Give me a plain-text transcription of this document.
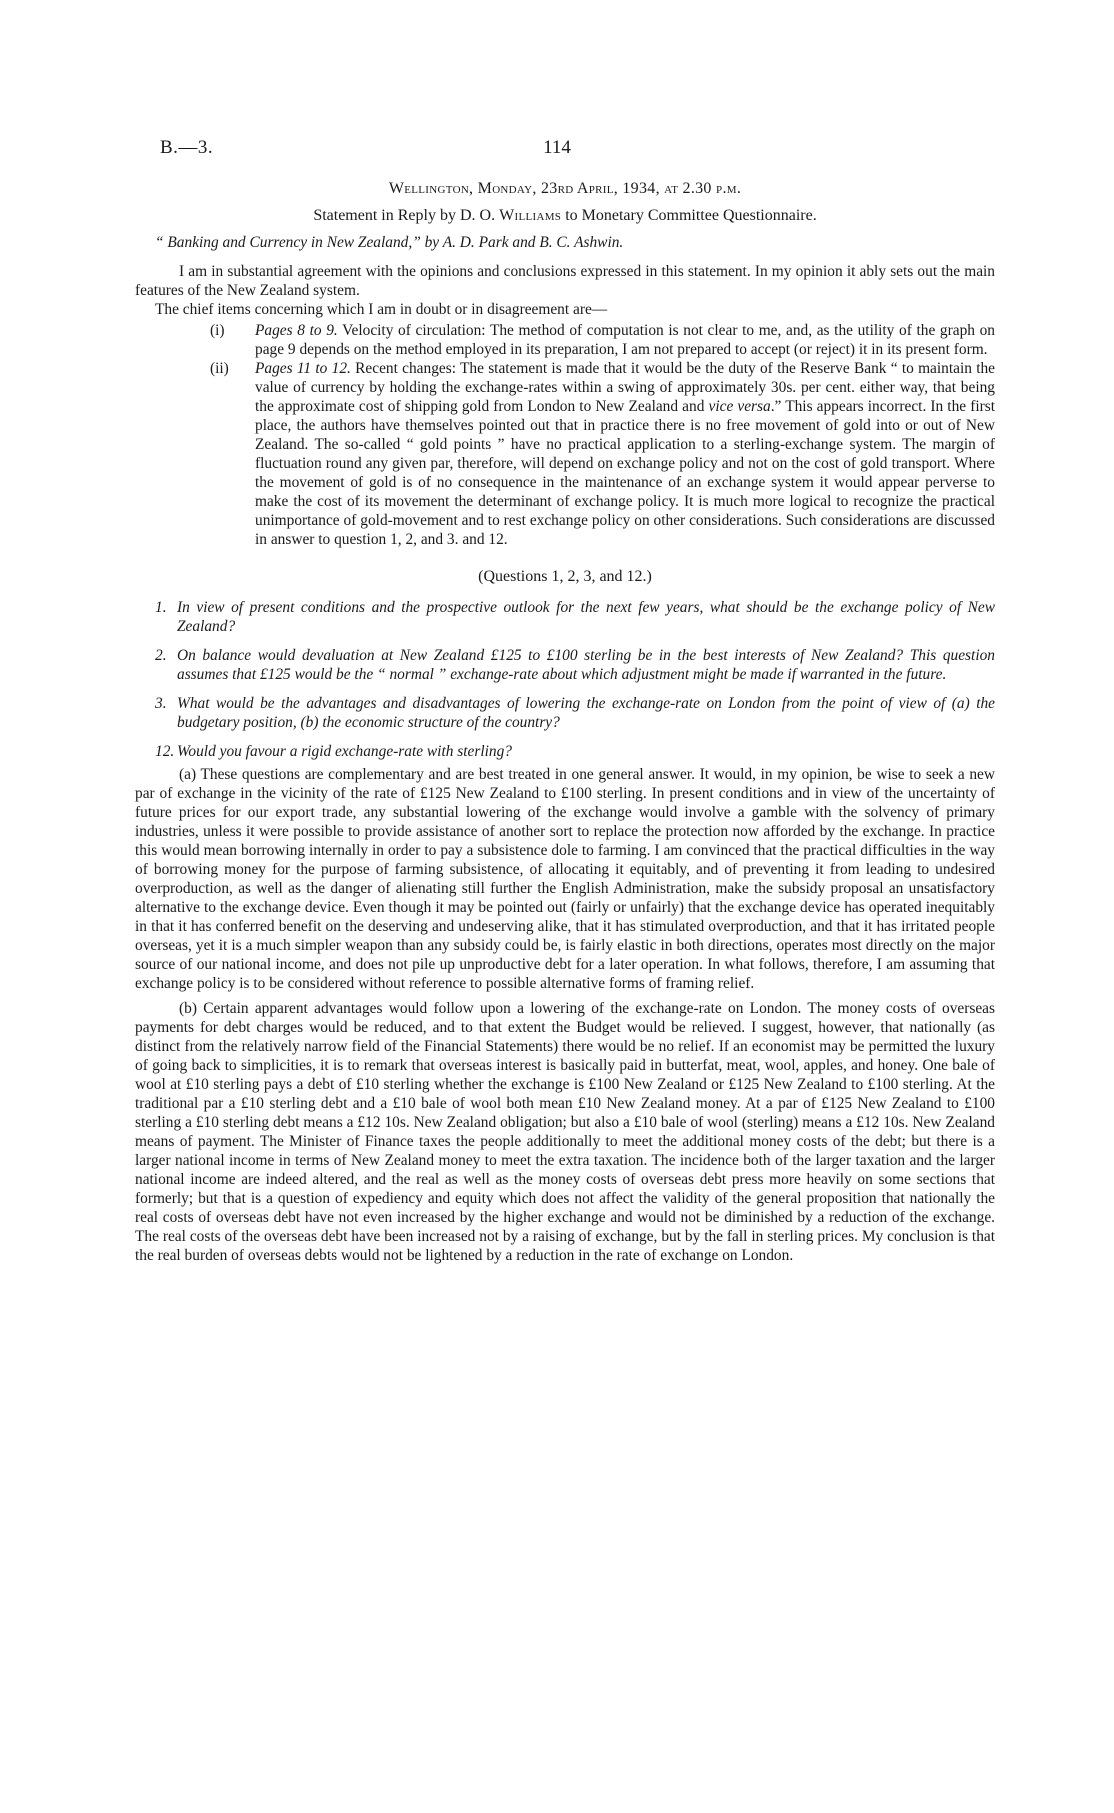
B.—3.	114
Wellington, Monday, 23rd April, 1934, at 2.30 p.m.
Statement in Reply by D. O. Williams to Monetary Committee Questionnaire.
“ Banking and Currency in New Zealand,” by A. D. Park and B. C. Ashwin.

I am in substantial agreement with the opinions and conclusions expressed in this statement. In my opinion it ably sets out the main features of the New Zealand system.

The chief items concerning which I am in doubt or in disagreement are—
(i) Pages 8 to 9. Velocity of circulation: The method of computation is not clear to me, and, as the utility of the graph on page 9 depends on the method employed in its preparation, I am not prepared to accept (or reject) it in its present form.
(ii) Pages 11 to 12. Recent changes: The statement is made that it would be the duty of the Reserve Bank “ to maintain the value of currency by holding the exchange-rates within a swing of approximately 30s. per cent. either way, that being the approximate cost of shipping gold from London to New Zealand and vice versa.” This appears incorrect. In the first place, the authors have themselves pointed out that in practice there is no free movement of gold into or out of New Zealand. The so-called “ gold points ” have no practical application to a sterling-exchange system. The margin of fluctuation round any given par, therefore, will depend on exchange policy and not on the cost of gold transport. Where the movement of gold is of no consequence in the maintenance of an exchange system it would appear perverse to make the cost of its movement the determinant of exchange policy. It is much more logical to recognize the practical unimportance of gold-movement and to rest exchange policy on other considerations. Such considerations are discussed in answer to question 1, 2, and 3. and 12.
(Questions 1, 2, 3, and 12.)
1. In view of present conditions and the prospective outlook for the next few years, what should be the exchange policy of New Zealand?
2. On balance would devaluation at New Zealand £125 to £100 sterling be in the best interests of New Zealand? This question assumes that £125 would be the “ normal ” exchange-rate about which adjustment might be made if warranted in the future.
3. What would be the advantages and disadvantages of lowering the exchange-rate on London from the point of view of (a) the budgetary position, (b) the economic structure of the country?
12. Would you favour a rigid exchange-rate with sterling?

(a) These questions are complementary and are best treated in one general answer. It would, in my opinion, be wise to seek a new par of exchange in the vicinity of the rate of £125 New Zealand to £100 sterling. In present conditions and in view of the uncertainty of future prices for our export trade, any substantial lowering of the exchange would involve a gamble with the solvency of primary industries, unless it were possible to provide assistance of another sort to replace the protection now afforded by the exchange. In practice this would mean borrowing internally in order to pay a subsistence dole to farming. I am convinced that the practical difficulties in the way of borrowing money for the purpose of farming subsistence, of allocating it equitably, and of preventing it from leading to undesired overproduction, as well as the danger of alienating still further the English Administration, make the subsidy proposal an unsatisfactory alternative to the exchange device. Even though it may be pointed out (fairly or unfairly) that the exchange device has operated inequitably in that it has conferred benefit on the deserving and undeserving alike, that it has stimulated overproduction, and that it has irritated people overseas, yet it is a much simpler weapon than any subsidy could be, is fairly elastic in both directions, operates most directly on the major source of our national income, and does not pile up unproductive debt for a later operation. In what follows, therefore, I am assuming that exchange policy is to be considered without reference to possible alternative forms of framing relief.

(b) Certain apparent advantages would follow upon a lowering of the exchange-rate on London. The money costs of overseas payments for debt charges would be reduced, and to that extent the Budget would be relieved. I suggest, however, that nationally (as distinct from the relatively narrow field of the Financial Statements) there would be no relief. If an economist may be permitted the luxury of going back to simplicities, it is to remark that overseas interest is basically paid in butterfat, meat, wool, apples, and honey. One bale of wool at £10 sterling pays a debt of £10 sterling whether the exchange is £100 New Zealand or £125 New Zealand to £100 sterling. At the traditional par a £10 sterling debt and a £10 bale of wool both mean £10 New Zealand money. At a par of £125 New Zealand to £100 sterling a £10 sterling debt means a £12 10s. New Zealand obligation; but also a £10 bale of wool (sterling) means a £12 10s. New Zealand means of payment. The Minister of Finance taxes the people additionally to meet the additional money costs of the debt; but there is a larger national income in terms of New Zealand money to meet the extra taxation. The incidence both of the larger taxation and the larger national income are indeed altered, and the real as well as the money costs of overseas debt press more heavily on some sections that formerly; but that is a question of expediency and equity which does not affect the validity of the general proposition that nationally the real costs of overseas debt have not even increased by the higher exchange and would not be diminished by a reduction of the exchange. The real costs of the overseas debt have been increased not by a raising of exchange, but by the fall in sterling prices. My conclusion is that the real burden of overseas debts would not be lightened by a reduction in the rate of exchange on London.
